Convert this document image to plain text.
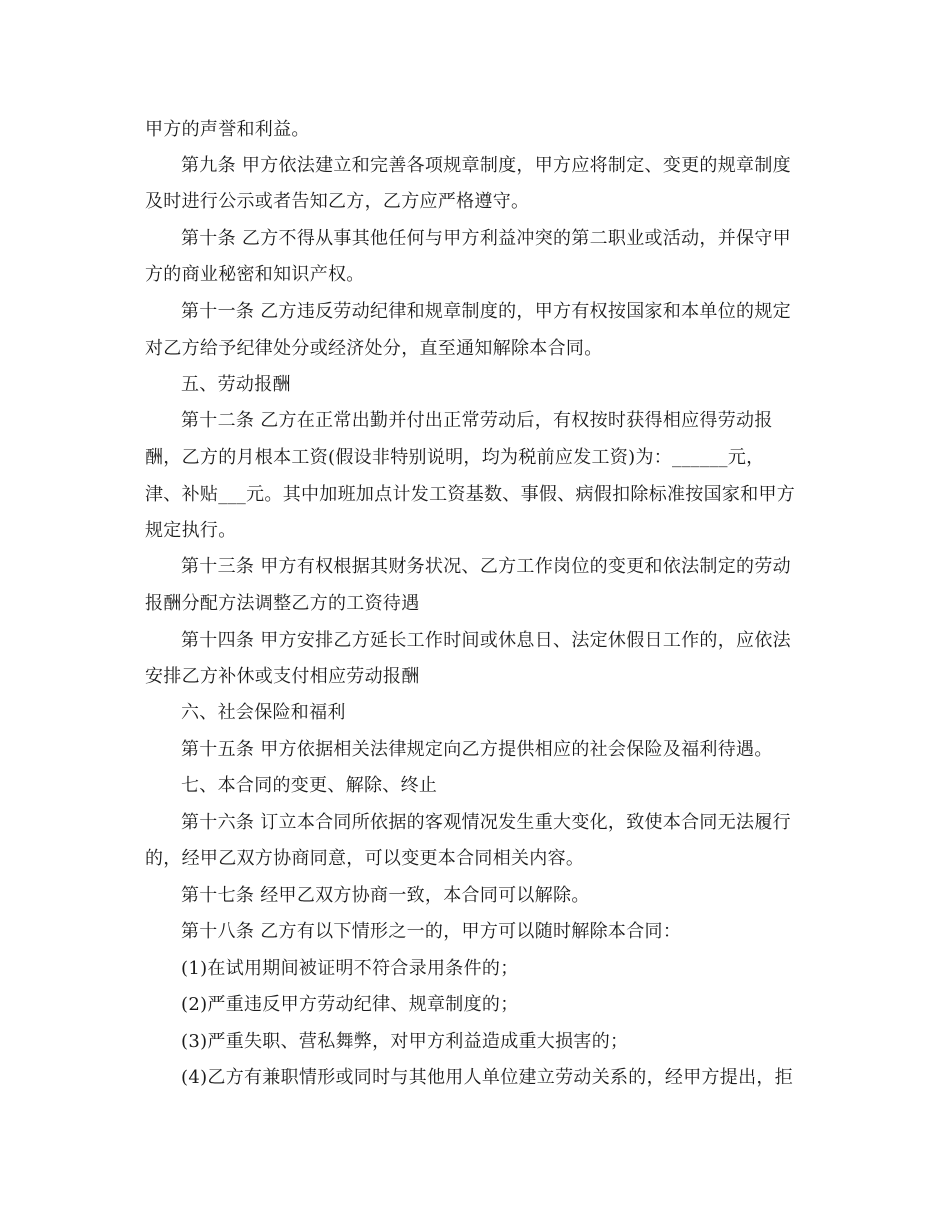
甲方的声誉和利益。

第九条 甲方依法建立和完善各项规章制度，甲方应将制定、变更的规章制度

及时进行公示或者告知乙方，乙方应严格遵守。

第十条 乙方不得从事其他任何与甲方利益冲突的第二职业或活动，并保守甲

方的商业秘密和知识产权。

第十一条 乙方违反劳动纪律和规章制度的，甲方有权按国家和本单位的规定

对乙方给予纪律处分或经济处分，直至通知解除本合同。

五、劳动报酬

第十二条 乙方在正常出勤并付出正常劳动后，有权按时获得相应得劳动报

酬，乙方的月根本工资(假设非特别说明，均为税前应发工资)为：______元，

津、补贴___元。其中加班加点计发工资基数、事假、病假扣除标准按国家和甲方

规定执行。

第十三条 甲方有权根据其财务状况、乙方工作岗位的变更和依法制定的劳动

报酬分配方法调整乙方的工资待遇

第十四条 甲方安排乙方延长工作时间或休息日、法定休假日工作的，应依法

安排乙方补休或支付相应劳动报酬

六、社会保险和福利

第十五条 甲方依据相关法律规定向乙方提供相应的社会保险及福利待遇。

七、本合同的变更、解除、终止

第十六条 订立本合同所依据的客观情况发生重大变化，致使本合同无法履行

的，经甲乙双方协商同意，可以变更本合同相关内容。

第十七条 经甲乙双方协商一致，本合同可以解除。

第十八条 乙方有以下情形之一的，甲方可以随时解除本合同：

(1)在试用期间被证明不符合录用条件的；

(2)严重违反甲方劳动纪律、规章制度的；

(3)严重失职、营私舞弊，对甲方利益造成重大损害的；

(4)乙方有兼职情形或同时与其他用人单位建立劳动关系的，经甲方提出，拒
